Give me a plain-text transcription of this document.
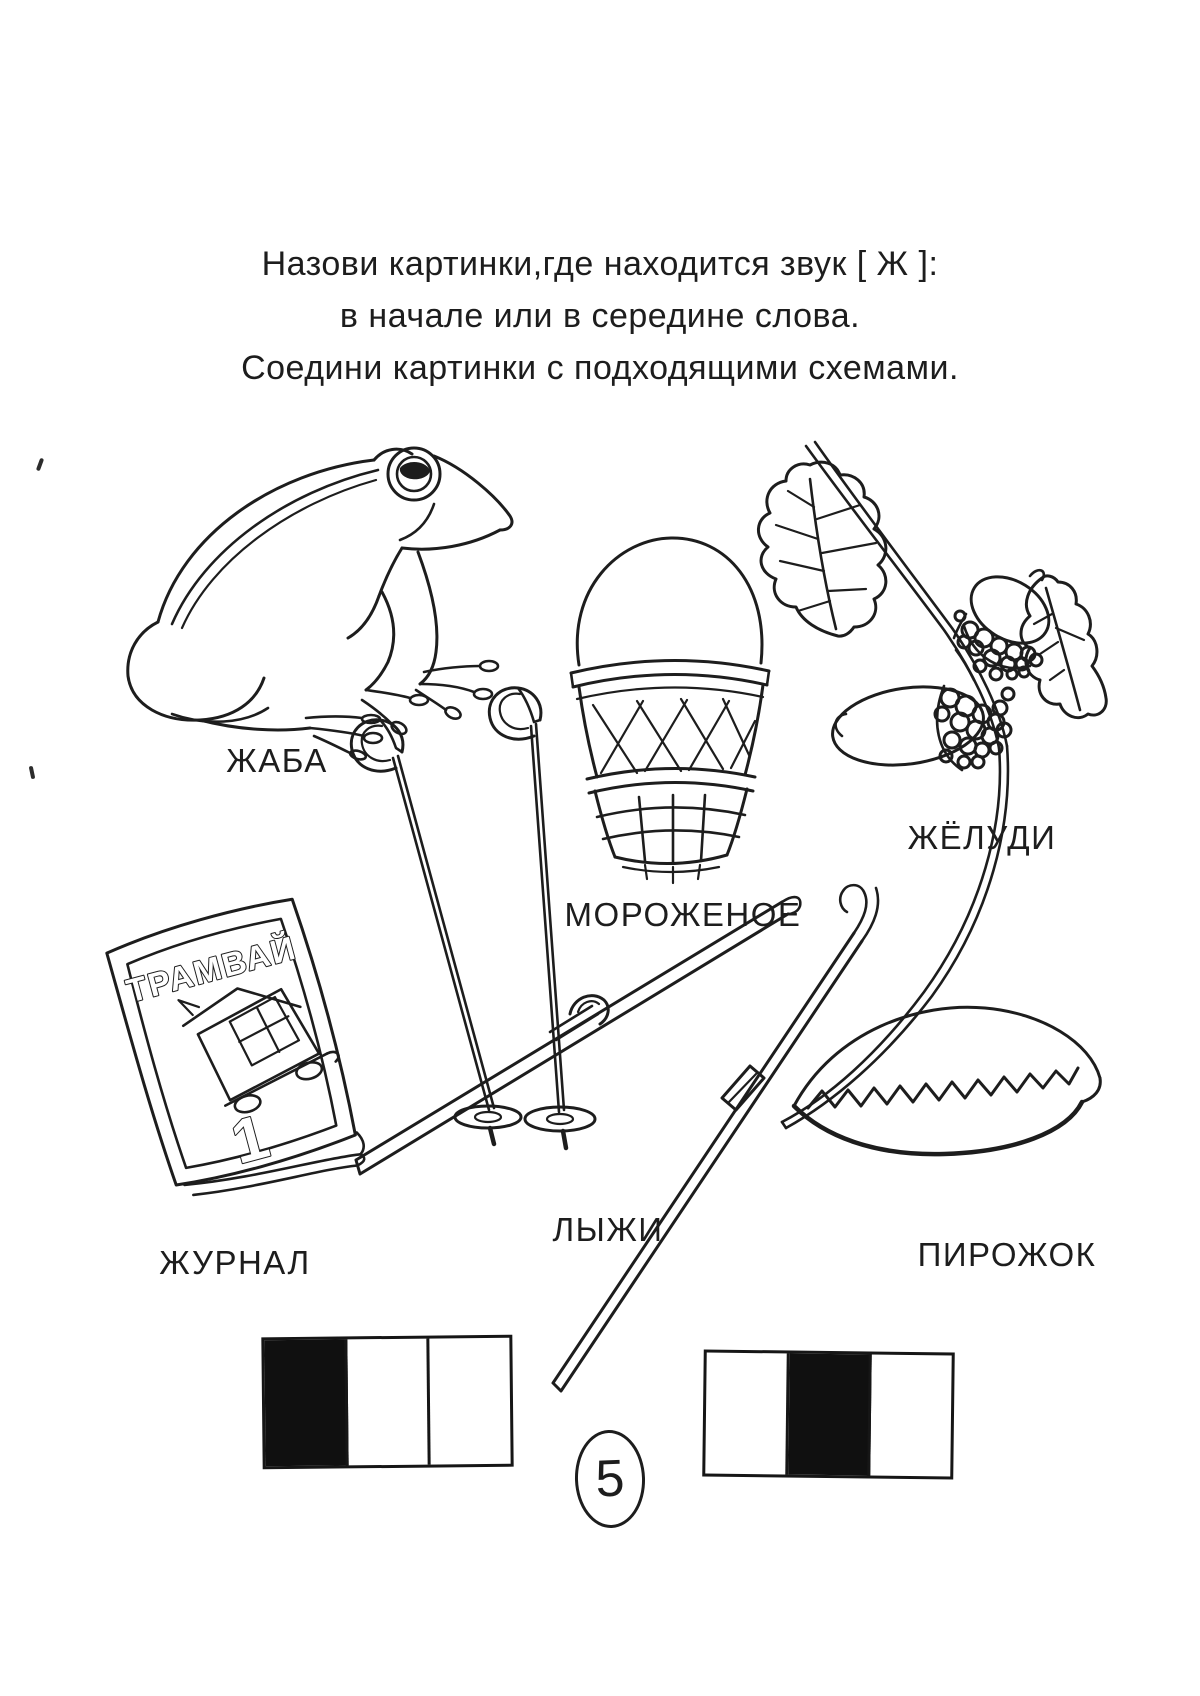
Назови картинки,где находится звук [ Ж ]:
в начале или в середине слова.
Соедини картинки с подходящими схемами.
ЖАБА
МОРОЖЕНОЕ
ЖЁЛУДИ
ТРАМВАЙ
1
ЖУРНАЛ
ЛЫЖИ
ПИРОЖОК
5
